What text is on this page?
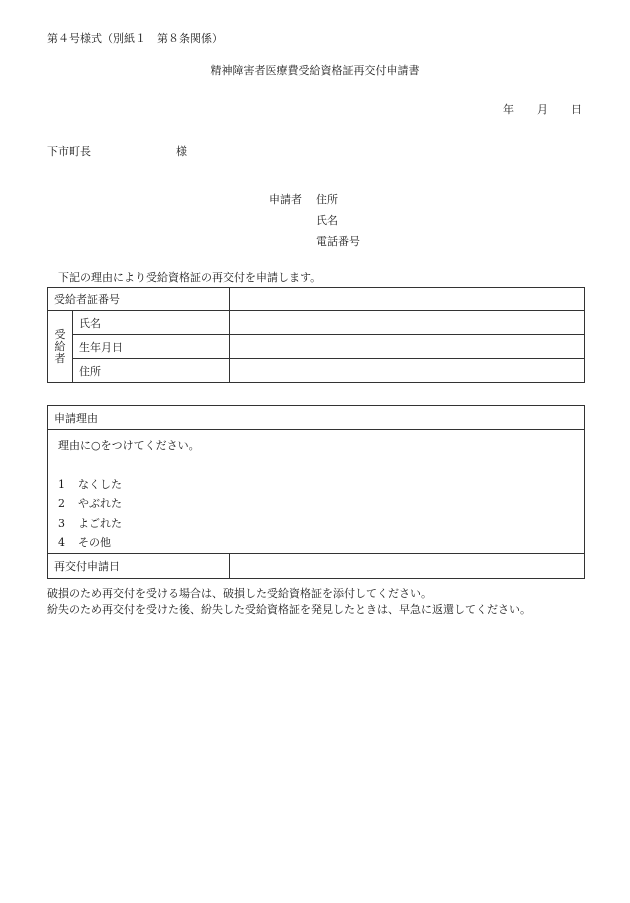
第４号様式（別紙１　第８条関係）
精神障害者医療費受給資格証再交付申請書
年 月 日
下市町長	様
申請者 住所
氏名
電話番号
下記の理由により受給資格証の再交付を申請します。
受給者証番号		

受
給
者	氏名	
	生年月日	
	住所	
申請理由

理由に○をつけてください。
1 なくした
2 やぶれた
3 よごれた
4 その他

再交付申請日	
破損のため再交付を受ける場合は、破損した受給資格証を添付してください。
紛失のため再交付を受けた後、紛失した受給資格証を発見したときは、早急に返還してください。
